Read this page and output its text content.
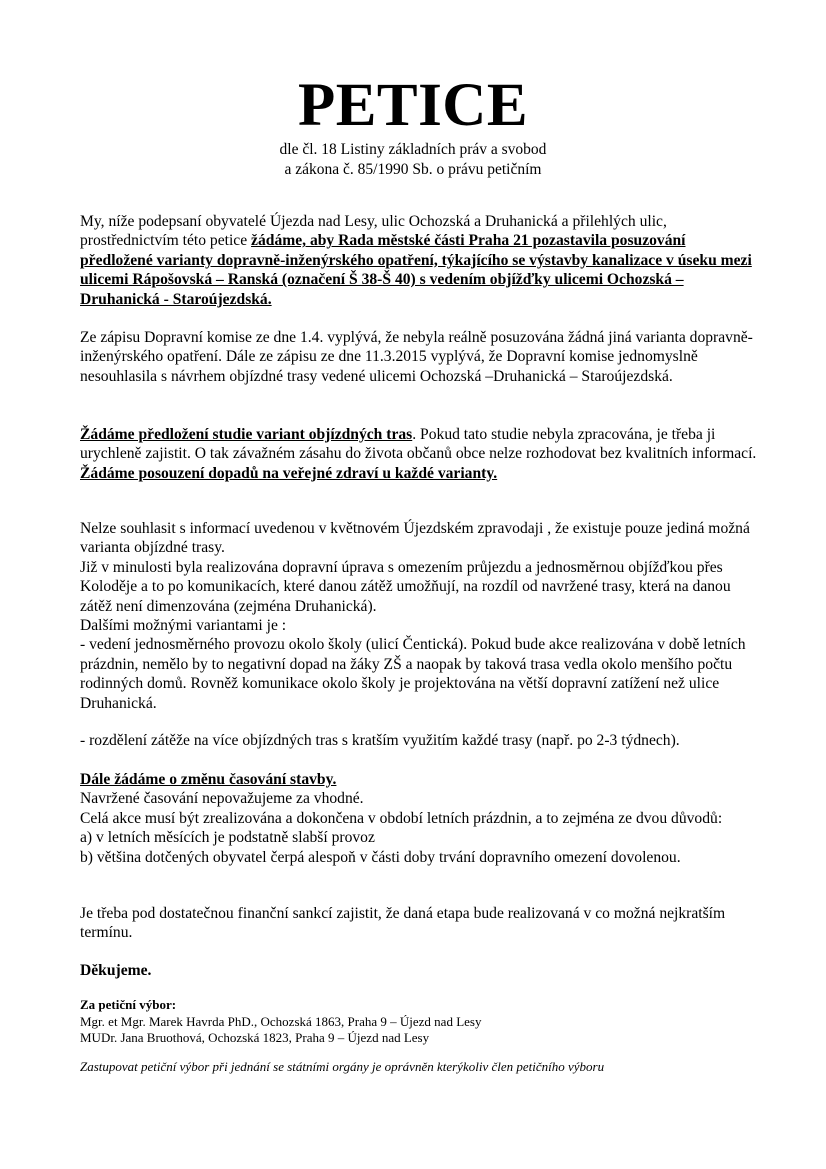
PETICE
dle čl. 18 Listiny základních práv a svobod
a zákona č. 85/1990 Sb. o právu petičním
My, níže podepsaní obyvatelé Újezda nad Lesy, ulic Ochozská a Druhanická a přilehlých ulic, prostřednictvím této petice žádáme, aby Rada městské části Praha 21 pozastavila posuzování předložené varianty dopravně-inženýrského opatření, týkajícího se výstavby kanalizace v úseku mezi ulicemi Rápošovská – Ranská (označení Š 38-Š 40) s vedením objížďky ulicemi Ochozská – Druhanická - Staroújezdská.
Ze zápisu Dopravní komise ze dne 1.4. vyplývá, že nebyla reálně posuzována žádná jiná varianta dopravně-inženýrského opatření. Dále ze zápisu ze dne 11.3.2015 vyplývá, že Dopravní komise jednomyslně nesouhlasila s návrhem objízdné trasy vedené ulicemi Ochozská –Druhanická – Staroújezdská.
Žádáme předložení studie variant objízdných tras. Pokud tato studie nebyla zpracována, je třeba ji urychleně zajistit. O tak závažném zásahu do života občanů obce nelze rozhodovat bez kvalitních informací.
Žádáme posouzení dopadů na veřejné zdraví u každé varianty.
Nelze souhlasit s informací uvedenou v květnovém Újezdském zpravodaji , že existuje pouze jediná možná varianta objízdné trasy.
Již v minulosti byla realizována dopravní úprava s omezením průjezdu a jednosměrnou objížďkou přes Koloděje a to po komunikacích, které danou zátěž umožňují, na rozdíl od navržené trasy, která na danou zátěž není dimenzována (zejména Druhanická).
Dalšími možnými variantami je :
- vedení jednosměrného provozu okolo školy (ulicí Čentická). Pokud bude akce realizována v době letních prázdnin, nemělo by to negativní dopad na žáky ZŠ a naopak by taková trasa vedla okolo menšího počtu rodinných domů. Rovněž komunikace okolo školy je projektována na větší dopravní zatížení než ulice Druhanická.
- rozdělení zátěže na více objízdných tras s kratším využitím každé trasy (např. po 2-3 týdnech).
Dále žádáme o změnu časování stavby.
Navržené časování nepovažujeme za vhodné.
Celá akce musí být zrealizována a dokončena v období letních prázdnin, a to zejména ze dvou důvodů:
a) v letních měsících je podstatně slabší provoz
b) většina dotčených obyvatel čerpá alespoň v části doby trvání dopravního omezení dovolenou.
Je třeba pod dostatečnou finanční sankcí zajistit, že daná etapa bude realizovaná v co možná nejkratším termínu.
Děkujeme.
Za petiční výbor:
Mgr. et Mgr. Marek Havrda PhD., Ochozská 1863, Praha 9 – Újezd nad Lesy
MUDr. Jana Bruothová, Ochozská 1823, Praha 9 – Újezd nad Lesy
Zastupovat petiční výbor při jednání se státními orgány je oprávněn kterýkoliv člen petičního výboru
